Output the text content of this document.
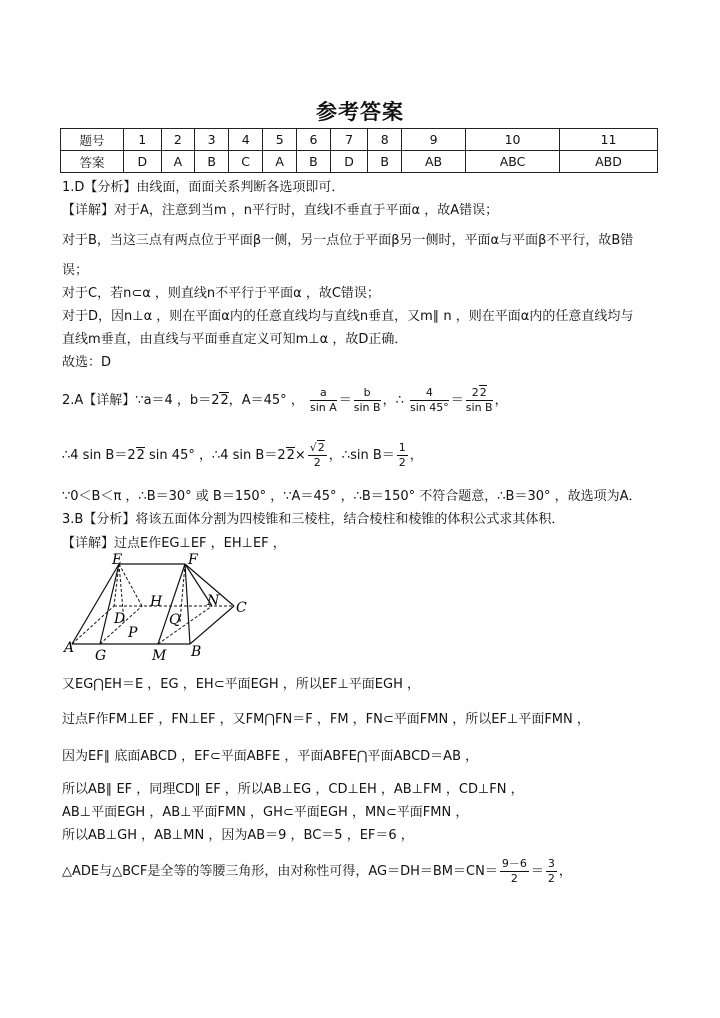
参考答案
题号	1	2	3	4	5	6	7	8	9	10	11
答案	D	A	B	C	A	B	D	B	AB	ABC	ABD
1.D【分析】由线面，面面关系判断各选项即可．
【详解】对于A，注意到当m ，n平行时，直线l不垂直于平面α ，故A错误；
对于B，当这三点有两点位于平面β一侧，另一点位于平面β另一侧时，平面α与平面β不平行，故B错
误；
对于C，若n⊂α ，则直线n不平行于平面α ，故C错误；
对于D，因n⊥α ，则在平面α内的任意直线均与直线n垂直，又m∥ n ，则在平面α内的任意直线均与
直线m垂直，由直线与平面垂直定义可知m⊥α ，故D正确．
故选：D
2.A【详解】∵a＝4 ，b＝22，A＝45° ， $\frac{a}{\text{sin A}} = \frac{b}{\text{sin B}}$ ，∴ $\frac{4}{\sin 45^\circ} = \frac{22}{\text{sin B}}$ ，
∴4 sin B＝22 sin 45° ，∴4 $\sin B=22\times \frac{√2}{2}$ ，∴sin $B= \frac{1}{2}$ ，
∵0＜B＜π ，∴B＝30° 或 B＝150° ，∵A＝45° ，∴B＝150° 不符合题意，∴B＝30° ，故选项为A．
3.B【分析】将该五面体分割为四棱锥和三棱柱，结合棱柱和棱锥的体积公式求其体积．
【详解】过点E作EG⊥EF ，EH⊥EF ，
E	F
H	N C
D	Q
P
A G	M B
又EG⋂EH＝E ，EG ，EH⊂平面EGH ，所以EF⊥平面EGH ，
过点F作FM⊥EF ，FN⊥EF ，又FM⋂FN＝F ，FM ，FN⊂平面FMN ，所以EF⊥平面FMN ，
因为EF∥ 底面ABCD ，EF⊂平面ABFE ，平面ABFE⋂平面ABCD＝AB ，
所以AB∥ EF ，同理CD∥ EF ，所以AB⊥EG ，CD⊥EH ，AB⊥FM ，CD⊥FN ，
AB⊥平面EGH ，AB⊥平面FMN ，GH⊂平面EGH ，MN⊂平面FMN ，
所以AB⊥GH ，AB⊥MN ，因为AB＝9 ，BC＝5 ，EF＝6 ，
△ADE与△BCF是全等的等腰三角形，由对称性可得，$AG=DH=BM=CN= \frac{9-6}{2} = \frac{3}{2}$ ，
